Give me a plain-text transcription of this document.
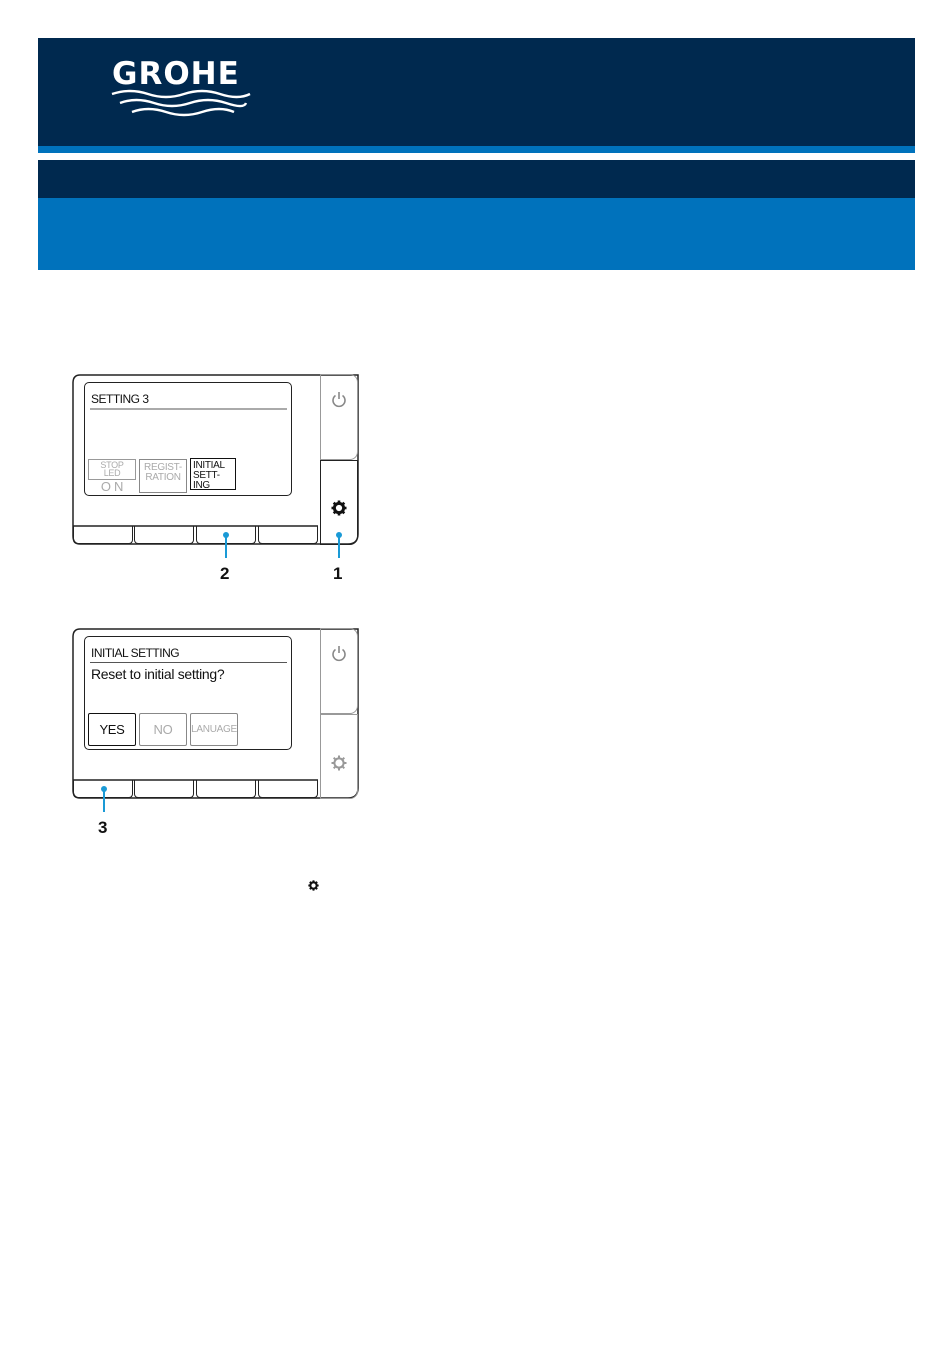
GROHE
SETTING 3
STOP
LED
O N
REGIST-
RATION
INITIAL
SETT-
ING
2	1
INITIAL SETTING
Reset to initial setting?
YES	NO	LANUAGE
3
